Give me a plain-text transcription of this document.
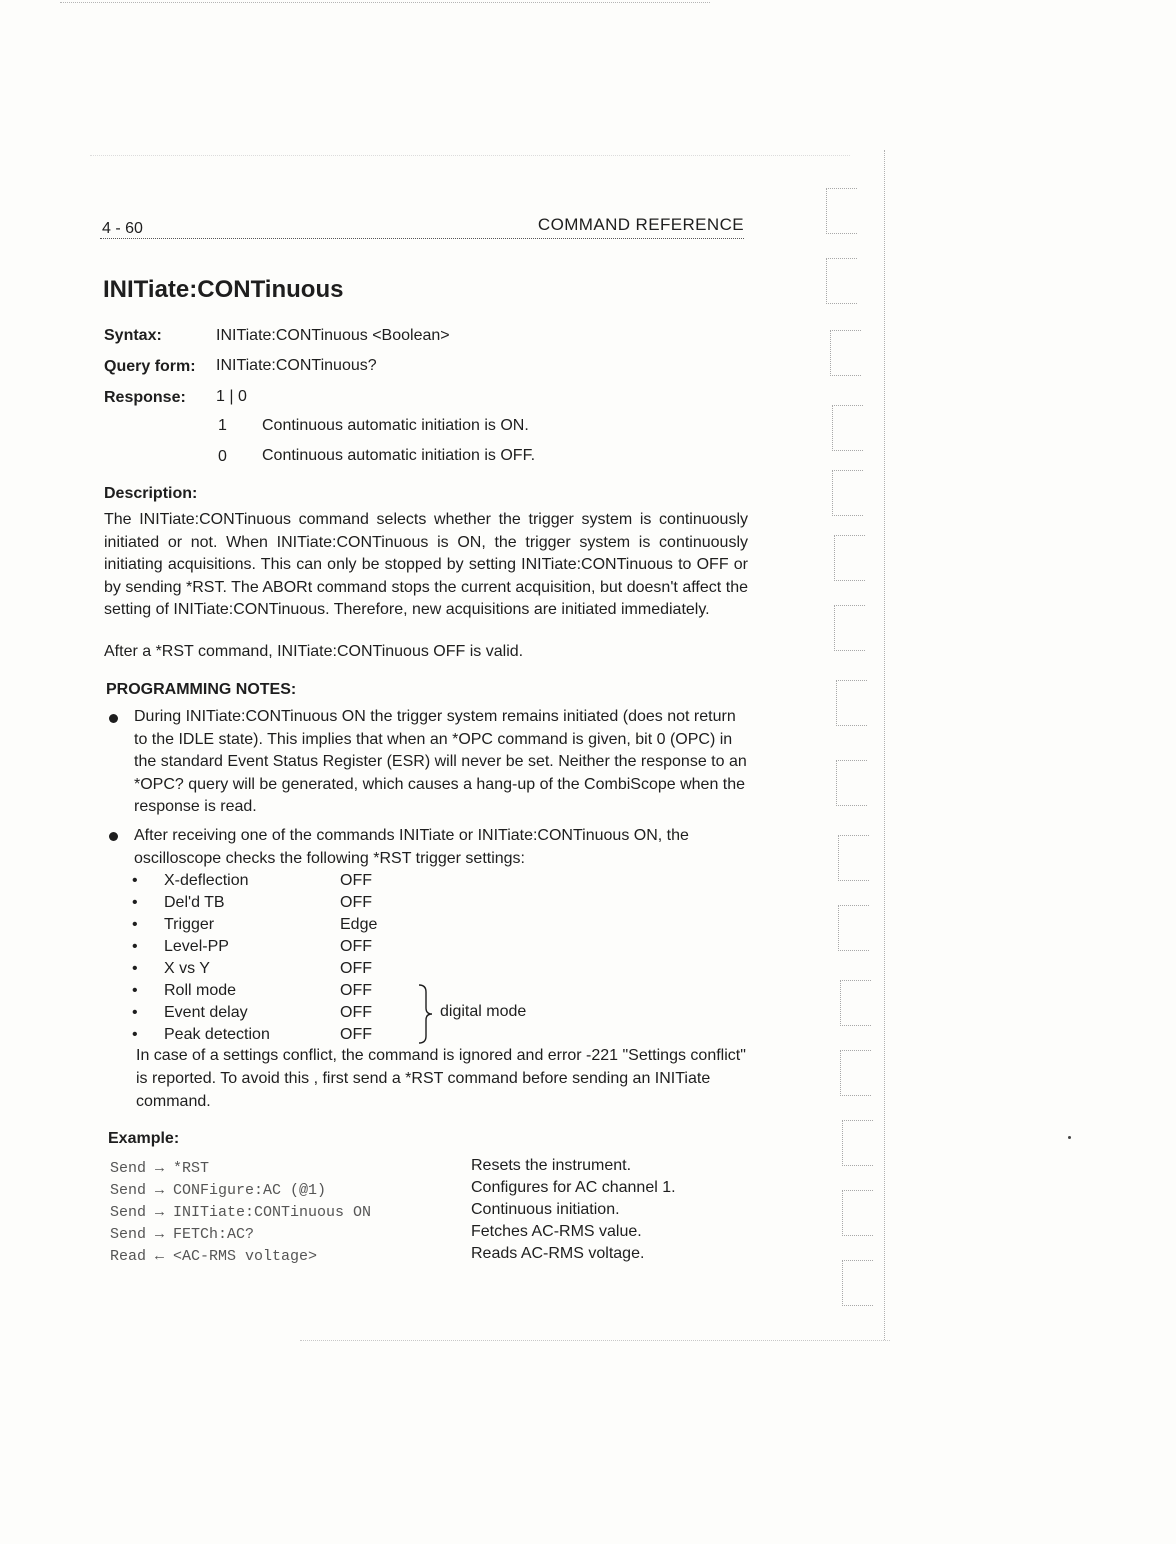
4 - 60	COMMAND REFERENCE
INITiate:CONTinuous
Syntax:	INITiate:CONTinuous <Boolean>
Query form: INITiate:CONTinuous?
Response: 1 | 0
1 Continuous automatic initiation is ON.
0 Continuous automatic initiation is OFF.
Description:

The INITiate:CONTinuous command selects whether the trigger system is continuously initiated or not. When INITiate:CONTinuous is ON, the trigger system is continuously initiating acquisitions. This can only be stopped by setting INITiate:CONTinuous to OFF or by sending *RST. The ABORt command stops the current acquisition, but doesn't affect the setting of INITiate:CONTinuous. Therefore, new acquisitions are initiated immediately.

After a *RST command, INITiate:CONTinuous OFF is valid.
PROGRAMMING NOTES:

During INITiate:CONTinuous ON the trigger system remains initiated (does not return to the IDLE state). This implies that when an *OPC command is given, bit 0 (OPC) in the standard Event Status Register (ESR) will never be set. Neither the response to an *OPC? query will be generated, which causes a hang-up of the CombiScope when the response is read.

After receiving one of the commands INITiate or INITiate:CONTinuous ON, the oscilloscope checks the following *RST trigger settings:

• X-deflection	OFF
• Del'd TB	OFF
• Trigger	Edge
• Level-PP	OFF
• X vs Y	OFF
• Roll mode	OFF
• Event delay	OFF
• Peak detection	OFF
digital mode

In case of a settings conflict, the command is ignored and error -221 "Settings conflict" is reported. To avoid this , first send a *RST command before sending an INITiate command.

Example:
Send → *RST	Resets the instrument.
Send → CONFigure:AC (@1)	Configures for AC channel 1.
Send → INITiate:CONTinuous ON	Continuous initiation.
Send → FETCh:AC?	Fetches AC-RMS value.
Read ← <AC-RMS voltage>	Reads AC-RMS voltage.
